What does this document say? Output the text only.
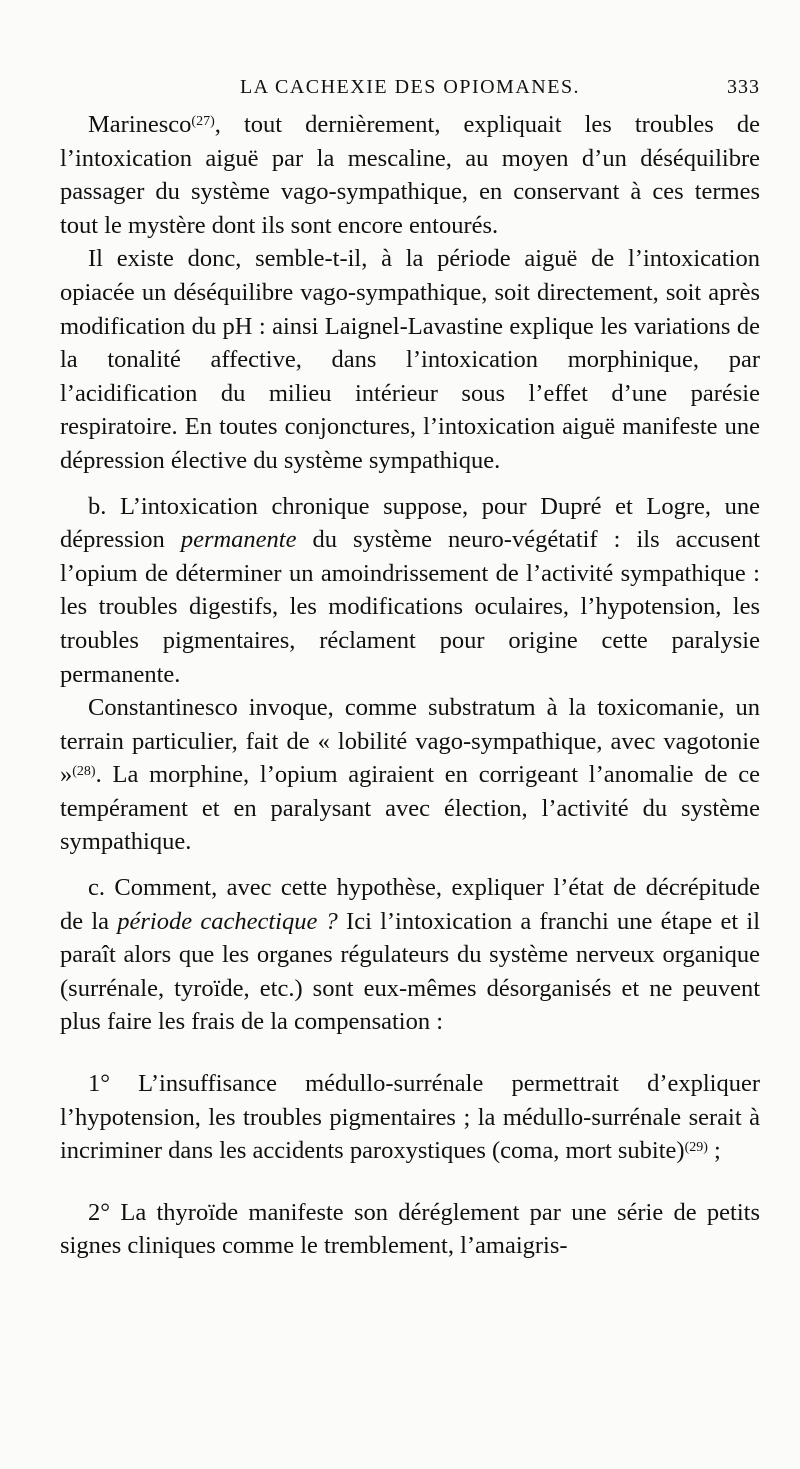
LA CACHEXIE DES OPIOMANES.	333

Marinesco$^{(27)}$, tout dernièrement, expliquait les troubles de l’intoxication aiguë par la mescaline, au moyen d’un déséquilibre passager du système vago-sympathique, en conservant à ces termes tout le mystère dont ils sont encore entourés.

Il existe donc, semble-t-il, à la période aiguë de l’intoxication opiacée un déséquilibre vago-sympathique, soit directement, soit après modification du pH : ainsi Laignel-Lavastine explique les variations de la tonalité affective, dans l’intoxication morphinique, par l’acidification du milieu intérieur sous l’effet d’une parésie respiratoire. En toutes conjonctures, l’intoxication aiguë manifeste une dépression élective du système sympathique.

b. L’intoxication chronique suppose, pour Dupré et Logre, une dépression permanente du système neuro-végétatif : ils accusent l’opium de déterminer un amoindrissement de l’activité sympathique : les troubles digestifs, les modifications oculaires, l’hypotension, les troubles pigmentaires, réclament pour origine cette paralysie permanente.

Constantinesco invoque, comme substratum à la toxicomanie, un terrain particulier, fait de « lobilité vago-sympathique, avec vagotonie »$^{(28)}$. La morphine, l’opium agiraient en corrigeant l’anomalie de ce tempérament et en paralysant avec élection, l’activité du système sympathique.

c. Comment, avec cette hypothèse, expliquer l’état de décrépitude de la période cachectique ? Ici l’intoxication a franchi une étape et il paraît alors que les organes régulateurs du système nerveux organique (surrénale, tyroïde, etc.) sont eux-mêmes désorganisés et ne peuvent plus faire les frais de la compensation :

1° L’insuffisance médullo-surrénale permettrait d’expliquer l’hypotension, les troubles pigmentaires ; la médullo-surrénale serait à incriminer dans les accidents paroxystiques (coma, mort subite)$^{(29)}$ ;

2° La thyroïde manifeste son déréglement par une série de petits signes cliniques comme le tremblement, l’amaigris-
